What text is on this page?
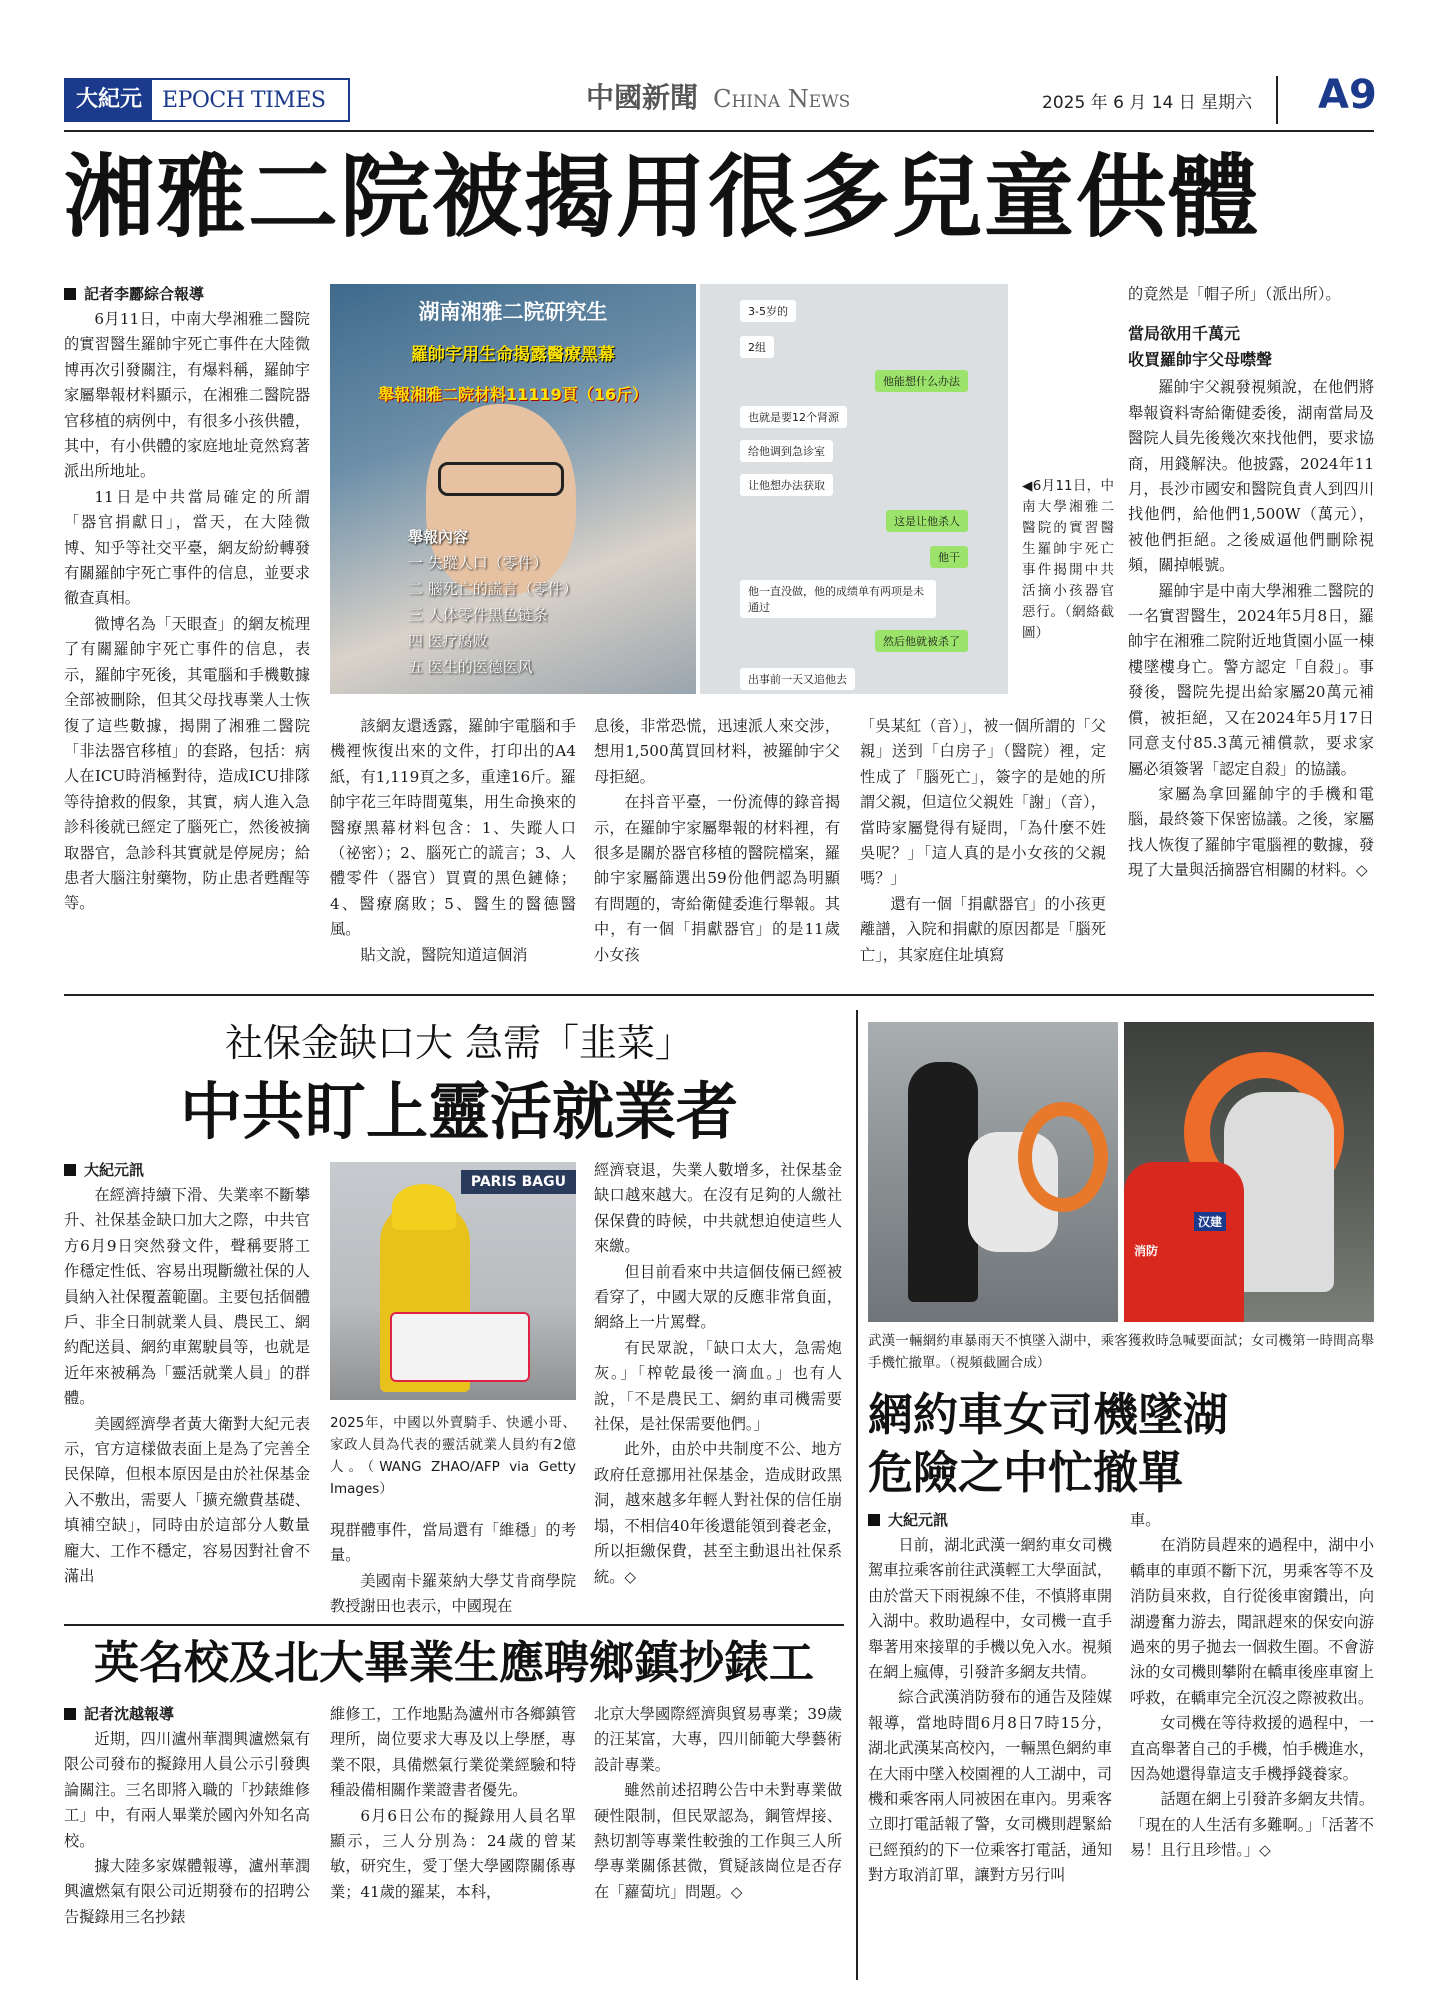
大紀元 EPOCH TIMES	中國新聞 China News	2025 年 6 月 14 日 星期六 A9
湘雅二院被揭用很多兒童供體
記者李酈綜合報導

6月11日，中南大學湘雅二醫院的實習醫生羅帥宇死亡事件在大陸微博再次引發關注，有爆料稱，羅帥宇家屬舉報材料顯示，在湘雅二醫院器官移植的病例中，有很多小孩供體，其中，有小供體的家庭地址竟然寫著派出所地址。

11日是中共當局確定的所謂「器官捐獻日」，當天，在大陸微博、知乎等社交平臺，網友紛紛轉發有關羅帥宇死亡事件的信息，並要求徹查真相。

微博名為「天眼查」的網友梳理了有關羅帥宇死亡事件的信息，表示，羅帥宇死後，其電腦和手機數據全部被刪除，但其父母找專業人士恢復了這些數據，揭開了湘雅二醫院「非法器官移植」的套路，包括：病人在ICU時消極對待，造成ICU排隊等待搶救的假象，其實，病人進入急診科後就已經定了腦死亡，然後被摘取器官，急診科其實就是停屍房；給患者大腦注射藥物，防止患者甦醒等等。

湖南湘雅二院研究生
羅帥宇用生命揭露醫療黑幕
舉報湘雅二院材料11119頁（16斤）
舉報內容
一 失蹤人口（零件）
二 腦死亡的謊言（零件）
三 人体零件黑色链条
四 医疗腐败
五 医生的医德医风
3-5岁的
2组
他能想什么办法
也就是要12个肾源
给他调到急诊室
让他想办法获取
这是让他杀人
他干
他一直没做，他的成绩单有两项是未通过
然后他就被杀了
出事前一天又追他去
◀6月11日，中南大學湘雅二醫院的實習醫生羅帥宇死亡事件揭開中共活摘小孩器官惡行。（網絡截圖）

該網友還透露，羅帥宇電腦和手機裡恢復出來的文件，打印出的A4紙，有1,119頁之多，重達16斤。羅帥宇花三年時間蒐集，用生命換來的醫療黑幕材料包含：1、失蹤人口（祕密）；2、腦死亡的謊言；3、人體零件（器官）買賣的黑色鏈條；4、醫療腐敗；5、醫生的醫德醫風。

貼文說，醫院知道這個消

息後，非常恐慌，迅速派人來交涉，想用1,500萬買回材料，被羅帥宇父母拒絕。

在抖音平臺，一份流傳的錄音揭示，在羅帥宇家屬舉報的材料裡，有很多是關於器官移植的醫院檔案，羅帥宇家屬篩選出59份他們認為明顯有問題的，寄給衛健委進行舉報。其中，有一個「捐獻器官」的是11歲小女孩

「吳某紅（音）」，被一個所謂的「父親」送到「白房子」（醫院）裡，定性成了「腦死亡」，簽字的是她的所謂父親，但這位父親姓「謝」（音），當時家屬覺得有疑問，「為什麼不姓吳呢？」「這人真的是小女孩的父親嗎？」

還有一個「捐獻器官」的小孩更離譜，入院和捐獻的原因都是「腦死亡」，其家庭住址填寫

的竟然是「帽子所」（派出所）。

當局欲用千萬元
收買羅帥宇父母噤聲

羅帥宇父親發視頻說，在他們將舉報資料寄給衛健委後，湖南當局及醫院人員先後幾次來找他們，要求協商，用錢解決。他披露，2024年11月，長沙市國安和醫院負責人到四川找他們，給他們1,500W（萬元），被他們拒絕。之後威逼他們刪除視頻，關掉帳號。

羅帥宇是中南大學湘雅二醫院的一名實習醫生，2024年5月8日，羅帥宇在湘雅二院附近地貨園小區一棟樓墜樓身亡。警方認定「自殺」。事發後，醫院先提出給家屬20萬元補償，被拒絕，又在2024年5月17日同意支付85.3萬元補償款，要求家屬必須簽署「認定自殺」的協議。

家屬為拿回羅帥宇的手機和電腦，最終簽下保密協議。之後，家屬找人恢復了羅帥宇電腦裡的數據，發現了大量與活摘器官相關的材料。◇

社保金缺口大 急需「韭菜」
中共盯上靈活就業者
大紀元訊

在經濟持續下滑、失業率不斷攀升、社保基金缺口加大之際，中共官方6月9日突然發文件，聲稱要將工作穩定性低、容易出現斷繳社保的人員納入社保覆蓋範圍。主要包括個體戶、非全日制就業人員、農民工、網約配送員、網約車駕駛員等，也就是近年來被稱為「靈活就業人員」的群體。

美國經濟學者黃大衛對大紀元表示，官方這樣做表面上是為了完善全民保障，但根本原因是由於社保基金入不敷出，需要人「擴充繳費基礎、填補空缺」，同時由於這部分人數量龐大、工作不穩定，容易因對社會不滿出

PARIS BAGU
2025年，中國以外賣騎手、快遞小哥、家政人員為代表的靈活就業人員約有2億人。（WANG ZHAO/AFP via Getty Images）

現群體事件，當局還有「維穩」的考量。

美國南卡羅萊納大學艾肯商學院教授謝田也表示，中國現在

經濟衰退，失業人數增多，社保基金缺口越來越大。在沒有足夠的人繳社保保費的時候，中共就想迫使這些人來繳。

但目前看來中共這個伎倆已經被看穿了，中國大眾的反應非常負面，網絡上一片罵聲。

有民眾說，「缺口太大，急需炮灰。」「榨乾最後一滴血。」也有人說，「不是農民工、網約車司機需要社保，是社保需要他們。」

此外，由於中共制度不公、地方政府任意挪用社保基金，造成財政黑洞，越來越多年輕人對社保的信任崩塌，不相信40年後還能領到養老金，所以拒繳保費，甚至主動退出社保系統。◇

英名校及北大畢業生應聘鄉鎮抄錶工
記者沈越報導

近期，四川瀘州華潤興瀘燃氣有限公司發布的擬錄用人員公示引發輿論關注。三名即將入職的「抄錶維修工」中，有兩人畢業於國內外知名高校。

據大陸多家媒體報導，瀘州華潤興瀘燃氣有限公司近期發布的招聘公告擬錄用三名抄錶

維修工，工作地點為瀘州市各鄉鎮管理所，崗位要求大專及以上學歷，專業不限，具備燃氣行業從業經驗和特種設備相關作業證書者優先。

6月6日公布的擬錄用人員名單顯示，三人分別為：24歲的曾某敏，研究生，愛丁堡大學國際關係專業；41歲的羅某，本科，

北京大學國際經濟與貿易專業；39歲的汪某富，大專，四川師範大學藝術設計專業。

雖然前述招聘公告中未對專業做硬性限制，但民眾認為，鋼管焊接、熱切割等專業性較強的工作與三人所學專業關係甚微，質疑該崗位是否存在「蘿蔔坑」問題。◇

消防
汉建
武漢一輛網約車暴雨天不慎墜入湖中，乘客獲救時急喊要面試；女司機第一時間高舉手機忙撤單。（視頻截圖合成）
網約車女司機墜湖
危險之中忙撤單
大紀元訊

日前，湖北武漢一網約車女司機駕車拉乘客前往武漢輕工大學面試，由於當天下雨視線不佳，不慎將車開入湖中。救助過程中，女司機一直手舉著用來接單的手機以免入水。視頻在網上瘋傳，引發許多網友共情。

綜合武漢消防發布的通告及陸媒報導，當地時間6月8日7時15分，湖北武漢某高校內，一輛黑色網約車在大雨中墜入校園裡的人工湖中，司機和乘客兩人同被困在車內。男乘客立即打電話報了警，女司機則趕緊給已經預約的下一位乘客打電話，通知對方取消訂單，讓對方另行叫

車。

在消防員趕來的過程中，湖中小轎車的車頭不斷下沉，男乘客等不及消防員來救，自行從後車窗鑽出，向湖邊奮力游去，聞訊趕來的保安向游過來的男子拋去一個救生圈。不會游泳的女司機則攀附在轎車後座車窗上呼救，在轎車完全沉沒之際被救出。

女司機在等待救援的過程中，一直高舉著自己的手機，怕手機進水，因為她還得靠這支手機掙錢養家。

話題在網上引發許多網友共情。「現在的人生活有多難啊。」「活著不易！且行且珍惜。」◇
